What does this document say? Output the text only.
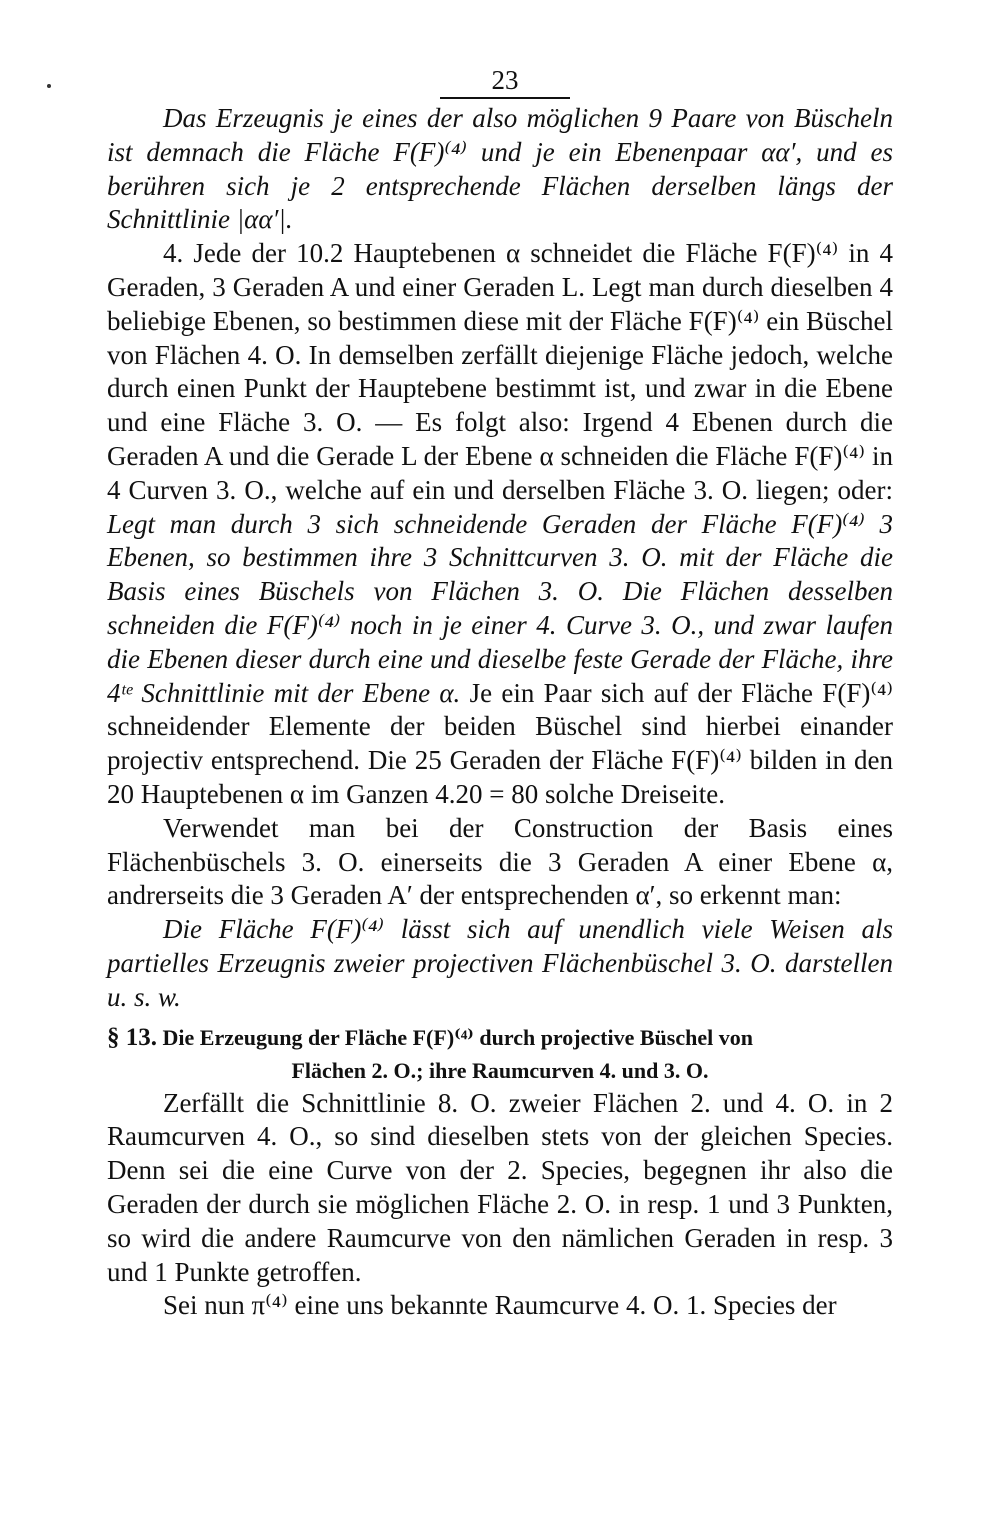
23

Das Erzeugnis je eines der also möglichen 9 Paare von Büscheln ist demnach die Fläche F(F)⁽⁴⁾ und je ein Ebenenpaar αα′, und es berühren sich je 2 entsprechende Flächen derselben längs der Schnittlinie |αα′|.

4. Jede der 10.2 Hauptebenen α schneidet die Fläche F(F)⁽⁴⁾ in 4 Geraden, 3 Geraden A und einer Geraden L. Legt man durch dieselben 4 beliebige Ebenen, so bestimmen diese mit der Fläche F(F)⁽⁴⁾ ein Büschel von Flächen 4. O. In demselben zerfällt diejenige Fläche jedoch, welche durch einen Punkt der Hauptebene bestimmt ist, und zwar in die Ebene und eine Fläche 3. O. — Es folgt also: Irgend 4 Ebenen durch die Geraden A und die Gerade L der Ebene α schneiden die Fläche F(F)⁽⁴⁾ in 4 Curven 3. O., welche auf ein und derselben Fläche 3. O. liegen; oder: Legt man durch 3 sich schneidende Geraden der Fläche F(F)⁽⁴⁾ 3 Ebenen, so bestimmen ihre 3 Schnittcurven 3. O. mit der Fläche die Basis eines Büschels von Flächen 3. O. Die Flächen desselben schneiden die F(F)⁽⁴⁾ noch in je einer 4. Curve 3. O., und zwar laufen die Ebenen dieser durch eine und dieselbe feste Gerade der Fläche, ihre 4ᵗᵉ Schnittlinie mit der Ebene α. Je ein Paar sich auf der Fläche F(F)⁽⁴⁾ schneidender Elemente der beiden Büschel sind hierbei einander projectiv entsprechend. Die 25 Geraden der Fläche F(F)⁽⁴⁾ bilden in den 20 Hauptebenen α im Ganzen 4.20 = 80 solche Dreiseite.

Verwendet man bei der Construction der Basis eines Flächenbüschels 3. O. einerseits die 3 Geraden A einer Ebene α, andrerseits die 3 Geraden A′ der entsprechenden α′, so erkennt man:

Die Fläche F(F)⁽⁴⁾ lässt sich auf unendlich viele Weisen als partielles Erzeugnis zweier projectiven Flächenbüschel 3. O. darstellen u. s. w.

§ 13. Die Erzeugung der Fläche F(F)⁽⁴⁾ durch projective Büschel von
Flächen 2. O.; ihre Raumcurven 4. und 3. O.

Zerfällt die Schnittlinie 8. O. zweier Flächen 2. und 4. O. in 2 Raumcurven 4. O., so sind dieselben stets von der gleichen Species. Denn sei die eine Curve von der 2. Species, begegnen ihr also die Geraden der durch sie möglichen Fläche 2. O. in resp. 1 und 3 Punkten, so wird die andere Raumcurve von den nämlichen Geraden in resp. 3 und 1 Punkte getroffen.

Sei nun π⁽⁴⁾ eine uns bekannte Raumcurve 4. O. 1. Species der
